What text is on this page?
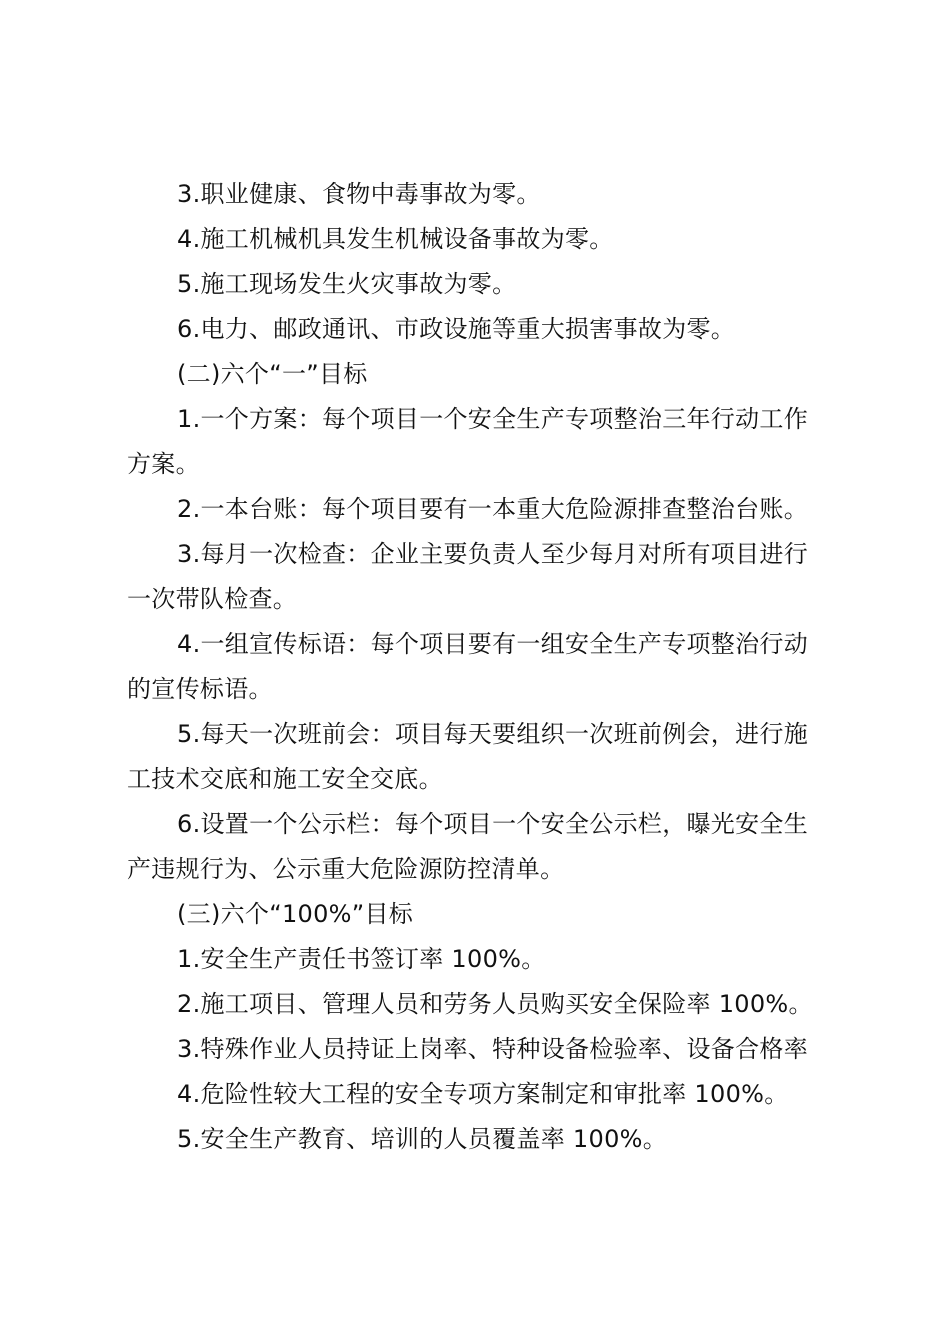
3.职业健康、食物中毒事故为零。

4.施工机械机具发生机械设备事故为零。

5.施工现场发生火灾事故为零。

6.电力、邮政通讯、市政设施等重大损害事故为零。

(二)六个“一”目标

1.一个方案：每个项目一个安全生产专项整治三年行动工作方案。

2.一本台账：每个项目要有一本重大危险源排查整治台账。

3.每月一次检查：企业主要负责人至少每月对所有项目进行一次带队检查。

4.一组宣传标语：每个项目要有一组安全生产专项整治行动的宣传标语。

5.每天一次班前会：项目每天要组织一次班前例会，进行施工技术交底和施工安全交底。

6.设置一个公示栏：每个项目一个安全公示栏，曝光安全生产违规行为、公示重大危险源防控清单。

(三)六个“100%”目标

1.安全生产责任书签订率 100%。

2.施工项目、管理人员和劳务人员购买安全保险率 100%。

3.特殊作业人员持证上岗率、特种设备检验率、设备合格率

4.危险性较大工程的安全专项方案制定和审批率 100%。

5.安全生产教育、培训的人员覆盖率 100%。
